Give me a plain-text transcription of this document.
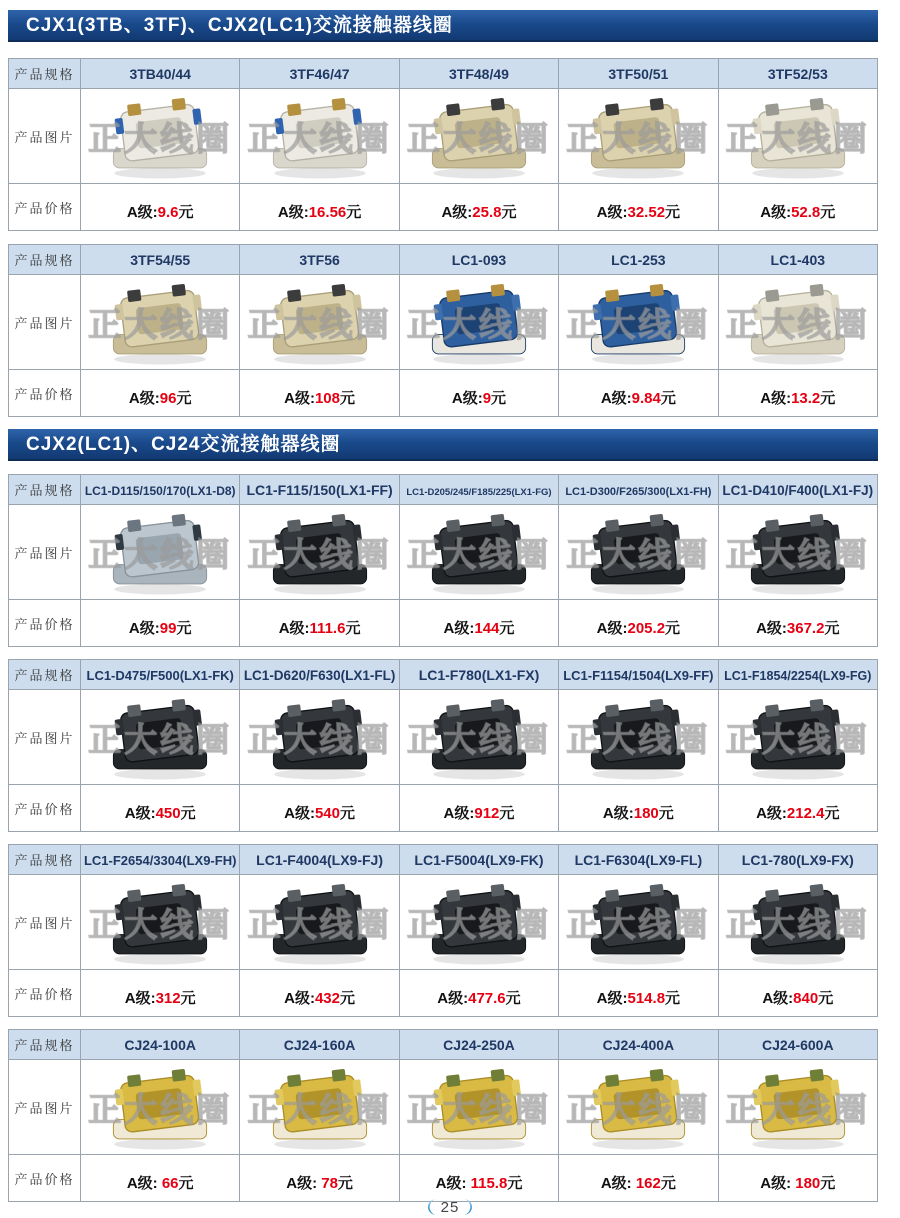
CJX1(3TB、3TF)、CJX2(LC1)交流接触器线圈
产品规格	3TB40/44	3TF46/47	3TF48/49	3TF50/51	3TF52/53
产品图片	正大线圈	正大线圈	正大线圈	正大线圈	正大线圈

产品价格	A级:9.6元	A级:16.56元	A级:25.8元	A级:32.52元	A级:52.8元
产品规格	3TF54/55	3TF56	LC1-093	LC1-253	LC1-403
产品图片	正大线圈	正大线圈	正大线圈	正大线圈	正大线圈

产品价格	A级:96元	A级:108元	A级:9元	A级:9.84元	A级:13.2元
CJX2(LC1)、CJ24交流接触器线圈
产品规格	LC1-D115/150/170(LX1-D8)	LC1-F115/150(LX1-FF)	LC1-D205/245/F185/225(LX1-FG)	LC1-D300/F265/300(LX1-FH)	LC1-D410/F400(LX1-FJ)
产品图片	正大线圈	正大线圈	正大线圈	正大线圈	正大线圈

产品价格	A级:99元	A级:111.6元	A级:144元	A级:205.2元	A级:367.2元
产品规格	LC1-D475/F500(LX1-FK)	LC1-D620/F630(LX1-FL)	LC1-F780(LX1-FX)	LC1-F1154/1504(LX9-FF)	LC1-F1854/2254(LX9-FG)
产品图片	正大线圈	正大线圈	正大线圈	正大线圈	正大线圈

产品价格	A级:450元	A级:540元	A级:912元	A级:180元	A级:212.4元
产品规格	LC1-F2654/3304(LX9-FH)	LC1-F4004(LX9-FJ)	LC1-F5004(LX9-FK)	LC1-F6304(LX9-FL)	LC1-780(LX9-FX)
产品图片	正大线圈	正大线圈	正大线圈	正大线圈	正大线圈

产品价格	A级:312元	A级:432元	A级:477.6元	A级:514.8元	A级:840元
产品规格	CJ24-100A	CJ24-160A	CJ24-250A	CJ24-400A	CJ24-600A
产品图片	正大线圈	正大线圈	正大线圈	正大线圈	正大线圈

产品价格	A级: 66元	A级: 78元	A级: 115.8元	A级: 162元	A级: 180元
25
